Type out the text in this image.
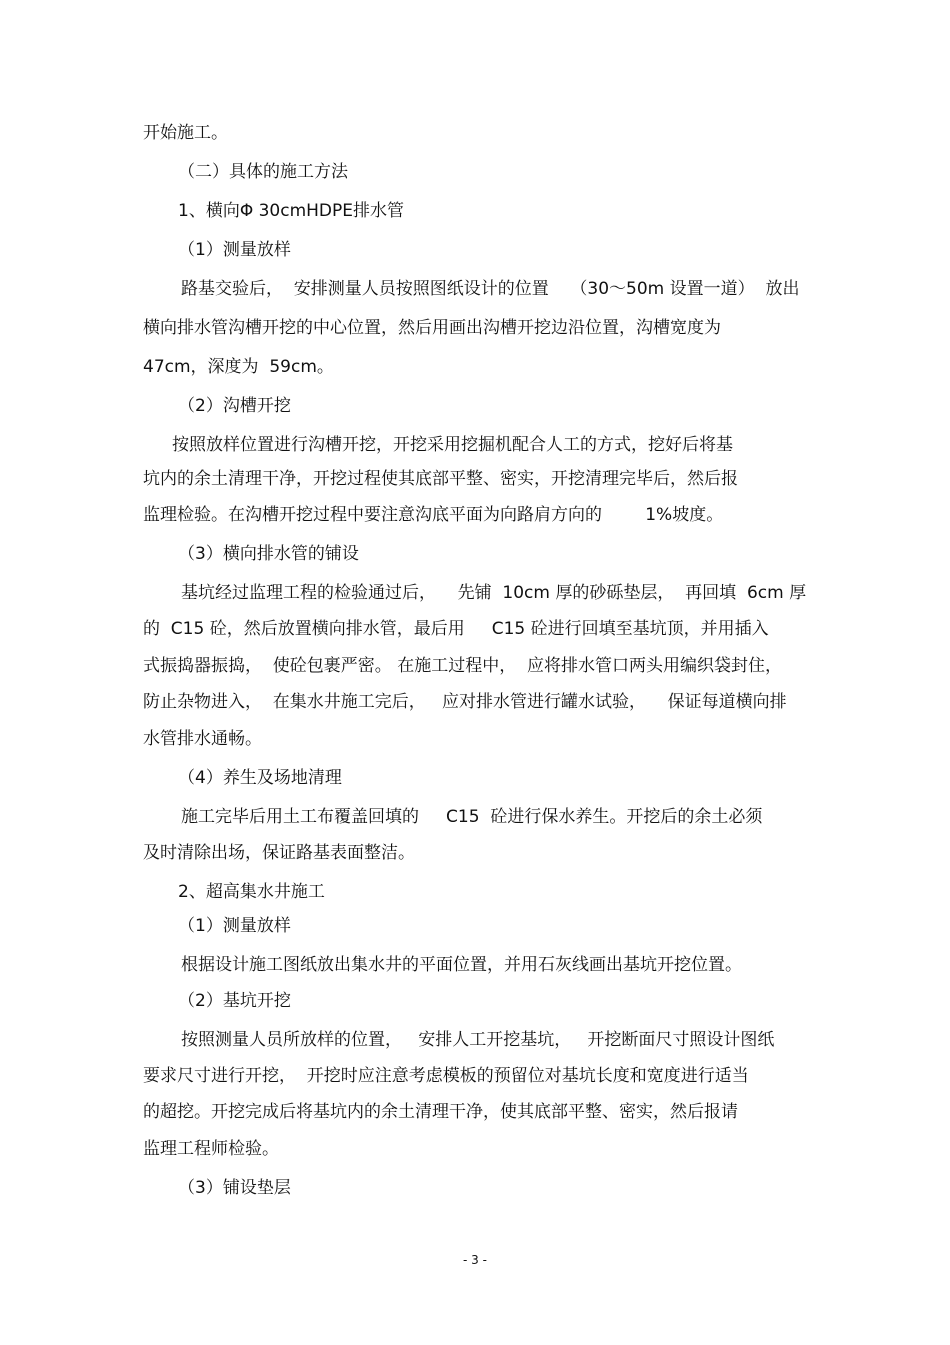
开始施工。

（二）具体的施工方法

1、横向Φ 30cmHDPE排水管

（1）测量放样

路基交验后，  安排测量人员按照图纸设计的位置    （30～50m 设置一道）  放出

横向排水管沟槽开挖的中心位置，然后用画出沟槽开挖边沿位置，沟槽宽度为

47cm，深度为  59cm。

（2）沟槽开挖

按照放样位置进行沟槽开挖，开挖采用挖掘机配合人工的方式，挖好后将基

坑内的余土清理干净，开挖过程使其底部平整、密实，开挖清理完毕后，然后报

监理检验。在沟槽开挖过程中要注意沟底平面为向路肩方向的        1%坡度。

（3）横向排水管的铺设

基坑经过监理工程的检验通过后，    先铺  10cm 厚的砂砾垫层，  再回填  6cm 厚

的  C15 砼，然后放置横向排水管，最后用     C15 砼进行回填至基坑顶，并用插入

式振捣器振捣，  使砼包裹严密。 在施工过程中，  应将排水管口两头用编织袋封住，

防止杂物进入，  在集水井施工完后，   应对排水管进行罐水试验，    保证每道横向排

水管排水通畅。

（4）养生及场地清理

施工完毕后用土工布覆盖回填的     C15  砼进行保水养生。开挖后的余土必须

及时清除出场，保证路基表面整洁。

2、超高集水井施工

（1）测量放样

根据设计施工图纸放出集水井的平面位置，并用石灰线画出基坑开挖位置。

（2）基坑开挖

按照测量人员所放样的位置，   安排人工开挖基坑，   开挖断面尺寸照设计图纸

要求尺寸进行开挖，  开挖时应注意考虑模板的预留位对基坑长度和宽度进行适当

的超挖。开挖完成后将基坑内的余土清理干净，使其底部平整、密实，然后报请

监理工程师检验。

（3）铺设垫层

- 3 -
